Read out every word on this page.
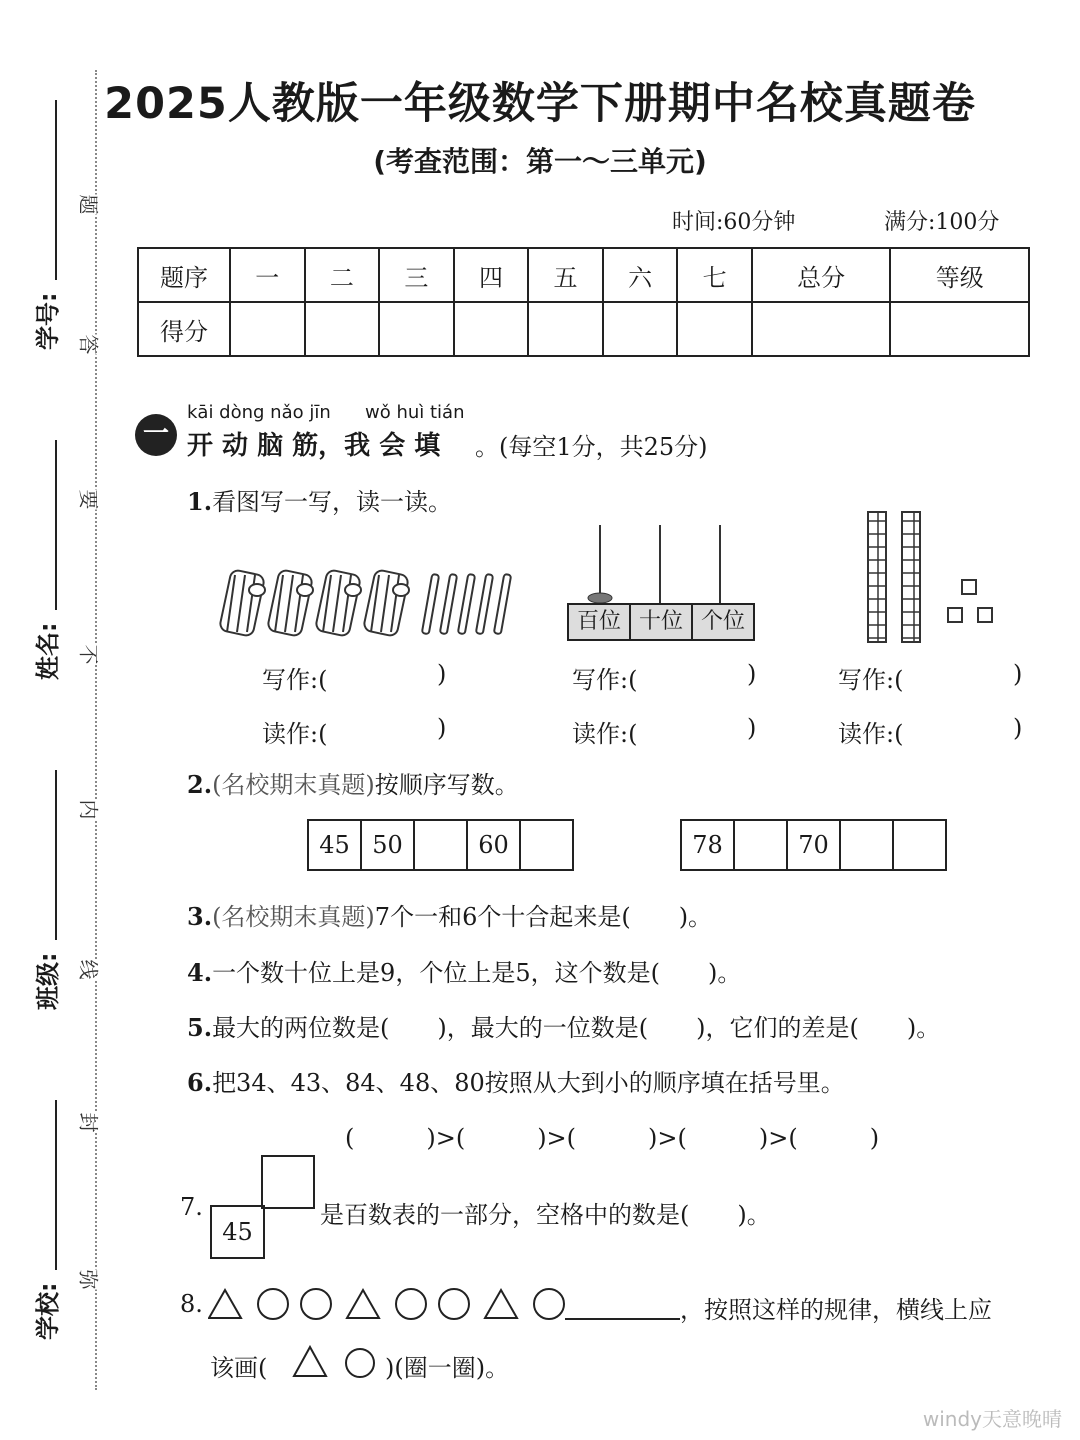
题
答
要
不
内
线
封
弥
学号:
姓名:
班级:
学校:
2025人教版一年级数学下册期中名校真题卷
(考查范围：第一～三单元)
时间:60分钟	满分:100分
题序	一	二	三	四	五	六	七	总分	等级
得分									
一
kāi dòng nǎo jīn wǒ huì tián
开 动 脑 筋，我 会 填 。(每空1分，共25分)
1.看图写一写，读一读。
百位 十位 个位
写作:(	)
读作:(	)
写作:(	)
读作:(	)
写作:(	)
读作:(	)
2.(名校期末真题)按顺序写数。
45 50	60	78	70
3.(名校期末真题)7个一和6个十合起来是(　　)。
4.一个数十位上是9，个位上是5，这个数是(　　)。
5.最大的两位数是(　　)，最大的一位数是(　　)，它们的差是(　　)。
6.把34、43、84、48、80按照从大到小的顺序填在括号里。
(　　　)>(　　　)>(　　　)>(　　　)>(　　　)
7.
45
是百数表的一部分，空格中的数是(　　)。
8.	，按照这样的规律，横线上应
该画(	)(圈一圈)。
windy天意晚晴
